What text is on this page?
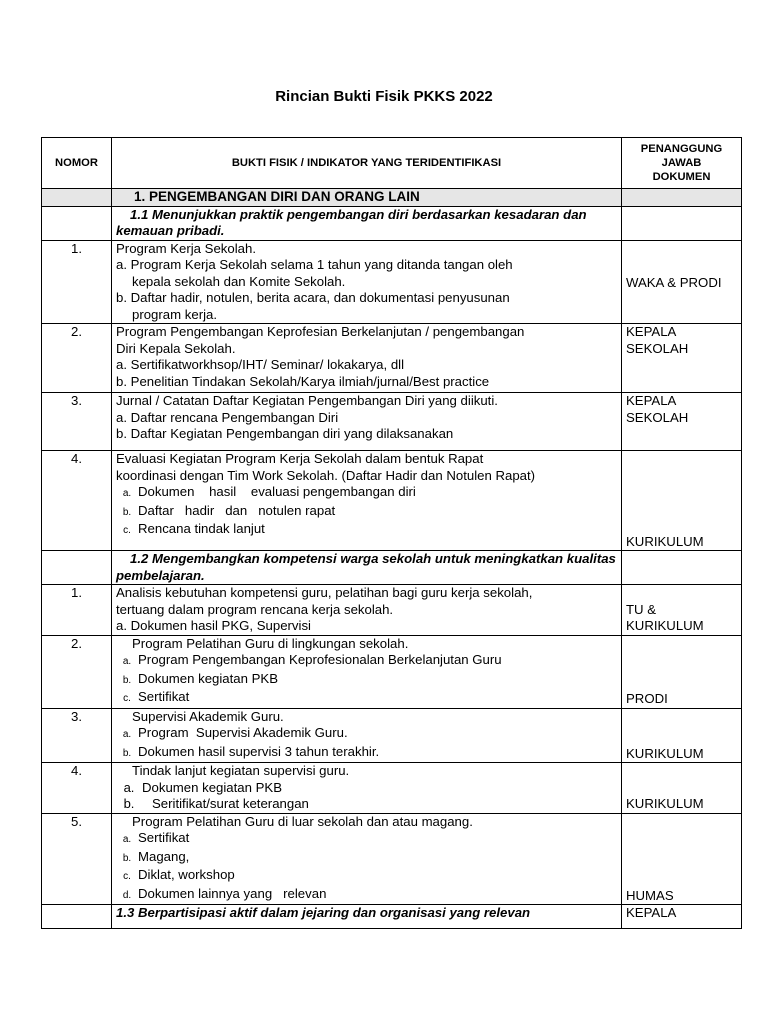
Rincian Bukti Fisik PKKS 2022
NOMOR	BUKTI FISIK / INDIKATOR YANG TERIDENTIFIKASI	PENANGGUNG JAWAB DOKUMEN
	1. PENGEMBANGAN DIRI DAN ORANG LAIN	
	1.1 Menunjukkan praktik pengembangan diri berdasarkan kesadaran dan kemauan pribadi.	
1.	Program Kerja Sekolah.
a. Program Kerja Sekolah selama 1 tahun yang ditanda tangan oleh
kepala sekolah dan Komite Sekolah.
b. Daftar hadir, notulen, berita acara, dan dokumentasi penyusunan
program kerja.	WAKA & PRODI
2.	Program Pengembangan Keprofesian Berkelanjutan / pengembangan
Diri Kepala Sekolah.
a. Sertifikatworkhsop/IHT/ Seminar/ lokakarya, dll
b. Penelitian Tindakan Sekolah/Karya ilmiah/jurnal/Best practice	KEPALA SEKOLAH
3.	Jurnal / Catatan Daftar Kegiatan Pengembangan Diri yang diikuti.
a. Daftar rencana Pengembangan Diri
b. Daftar Kegiatan Pengembangan diri yang dilaksanakan	KEPALA SEKOLAH
4.	Evaluasi Kegiatan Program Kerja Sekolah dalam bentuk Rapat
koordinasi dengan Tim Work Sekolah. (Daftar Hadir dan Notulen Rapat)
a. Dokumen    hasil    evaluasi pengembangan diri
b. Daftar   hadir   dan   notulen rapat
c. Rencana tindak lanjut	KURIKULUM
	1.2 Mengembangkan kompetensi warga sekolah untuk meningkatkan kualitas pembelajaran.	
1.	Analisis kebutuhan kompetensi guru, pelatihan bagi guru kerja sekolah,
tertuang dalam program rencana kerja sekolah.
a. Dokumen hasil PKG, Supervisi	TU & KURIKULUM
2.	Program Pelatihan Guru di lingkungan sekolah.
a. Program Pengembangan Keprofesionalan Berkelanjutan Guru
b. Dokumen kegiatan PKB
c. Sertifikat	PRODI
3.	Supervisi Akademik Guru.
a. Program  Supervisi Akademik Guru.
b. Dokumen hasil supervisi 3 tahun terakhir.	KURIKULUM
4.	Tindak lanjut kegiatan supervisi guru.
a. Dokumen kegiatan PKB
b. Seritifikat/surat keterangan	KURIKULUM
5.	Program Pelatihan Guru di luar sekolah dan atau magang.
a. Sertifikat
b. Magang,
c. Diklat, workshop
d. Dokumen lainnya yang   relevan	HUMAS
	1.3 Berpartisipasi aktif dalam jejaring dan organisasi yang relevan	KEPALA
